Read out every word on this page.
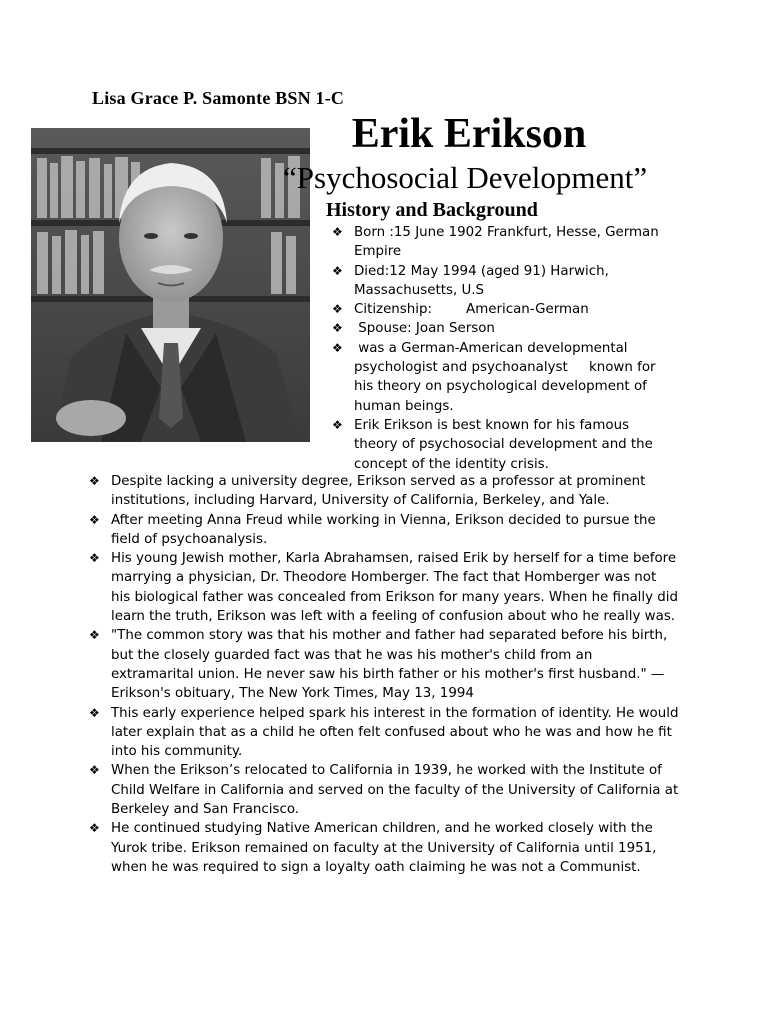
Lisa Grace P. Samonte BSN 1-C
Erik Erikson
“Psychosocial Development”
History and Background
❖ Born :15 June 1902 Frankfurt, Hesse, German Empire
❖ Died:12 May 1994 (aged 91) Harwich, Massachusetts, U.S
❖ Citizenship:        American-German
❖ Spouse: Joan Serson
❖ was a German-American developmental psychologist and psychoanalyst     known for his theory on psychological development of human beings.
❖ Erik Erikson is best known for his famous theory of psychosocial development and the concept of the identity crisis.
❖ Despite lacking a university degree, Erikson served as a professor at prominent institutions, including Harvard, University of California, Berkeley, and Yale.
❖ After meeting Anna Freud while working in Vienna, Erikson decided to pursue the field of psychoanalysis.
❖ His young Jewish mother, Karla Abrahamsen, raised Erik by herself for a time before marrying a physician, Dr. Theodore Homberger. The fact that Homberger was not his biological father was concealed from Erikson for many years. When he finally did learn the truth, Erikson was left with a feeling of confusion about who he really was.
❖ "The common story was that his mother and father had separated before his birth, but the closely guarded fact was that he was his mother's child from an extramarital union. He never saw his birth father or his mother's first husband." —Erikson's obituary, The New York Times, May 13, 1994
❖ This early experience helped spark his interest in the formation of identity. He would later explain that as a child he often felt confused about who he was and how he fit into his community.
❖ When the Erikson’s relocated to California in 1939, he worked with the Institute of Child Welfare in California and served on the faculty of the University of California at Berkeley and San Francisco.
❖ He continued studying Native American children, and he worked closely with the Yurok tribe. Erikson remained on faculty at the University of California until 1951, when he was required to sign a loyalty oath claiming he was not a Communist.
